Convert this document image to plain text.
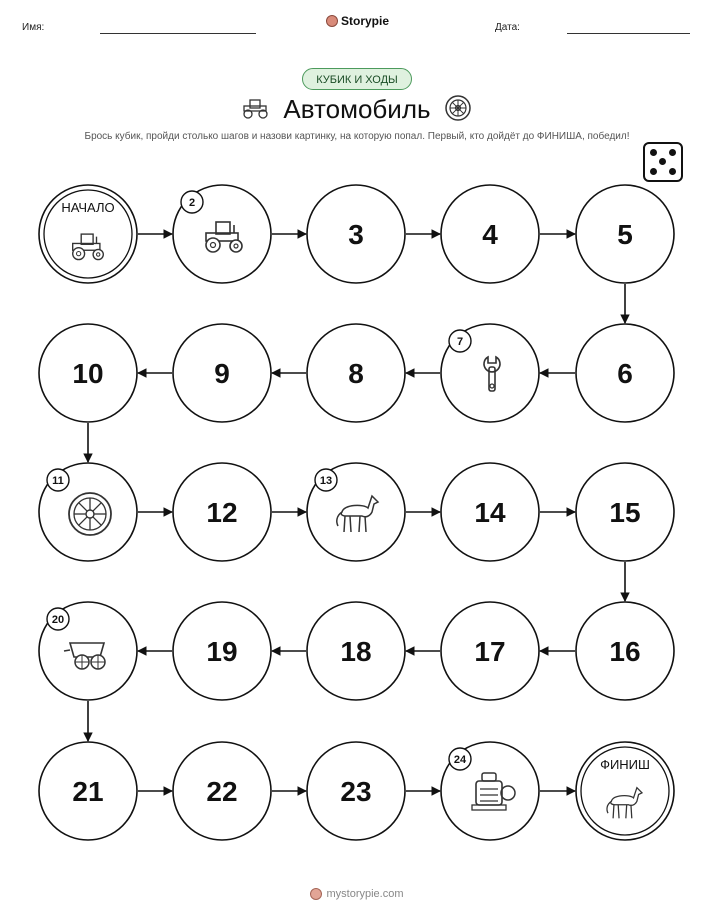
Имя:	Storypie	Дата:
КУБИК И ХОДЫ
Автомобиль
Брось кубик, пройди столько шагов и назови картинку, на которую попал. Первый, кто дойдёт до ФИНИША, победил!
НАЧАЛО	2
3	4	5
6
7
8
9
10
11
12
13
14	15
16
17
18
19
20
21	22	23
24	ФИНИШ
mystorypie.com
